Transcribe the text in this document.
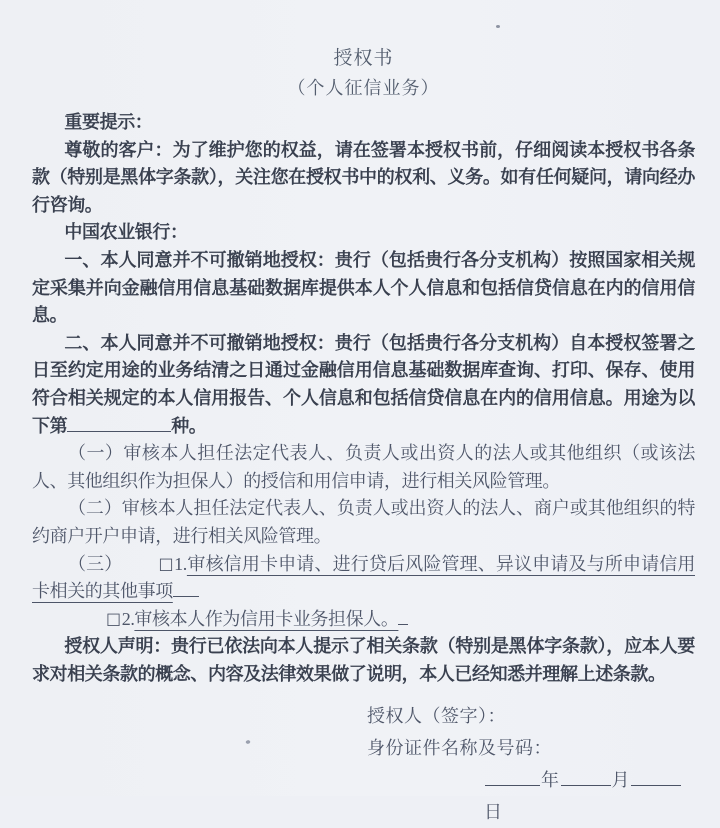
授权书
（个人征信业务）

重要提示：

尊敬的客户：为了维护您的权益，请在签署本授权书前，仔细阅读本授权书各条款（特别是黑体字条款），关注您在授权书中的权利、义务。如有任何疑问，请向经办行咨询。

中国农业银行：

一、本人同意并不可撤销地授权：贵行（包括贵行各分支机构）按照国家相关规定采集并向金融信用信息基础数据库提供本人个人信息和包括信贷信息在内的信用信息。

二、本人同意并不可撤销地授权：贵行（包括贵行各分支机构）自本授权签署之日至约定用途的业务结清之日通过金融信用信息基础数据库查询、打印、保存、使用符合相关规定的本人信用报告、个人信息和包括信贷信息在内的信用信息。用途为以下第	种。

（一）审核本人担任法定代表人、负责人或出资人的法人或其他组织（或该法人、其他组织作为担保人）的授信和用信申请，进行相关风险管理。

（二）审核本人担任法定代表人、负责人或出资人的法人、商户或其他组织的特约商户开户申请，进行相关风险管理。

（三） □1.审核信用卡申请、进行贷后风险管理、异议申请及与所申请信用卡相关的其他事项

□2.审核本人作为信用卡业务担保人。

授权人声明：贵行已依法向本人提示了相关条款（特别是黑体字条款），应本人要求对相关条款的概念、内容及法律效果做了说明，本人已经知悉并理解上述条款。

授权人（签字）：
身份证件名称及号码：
年	月日
